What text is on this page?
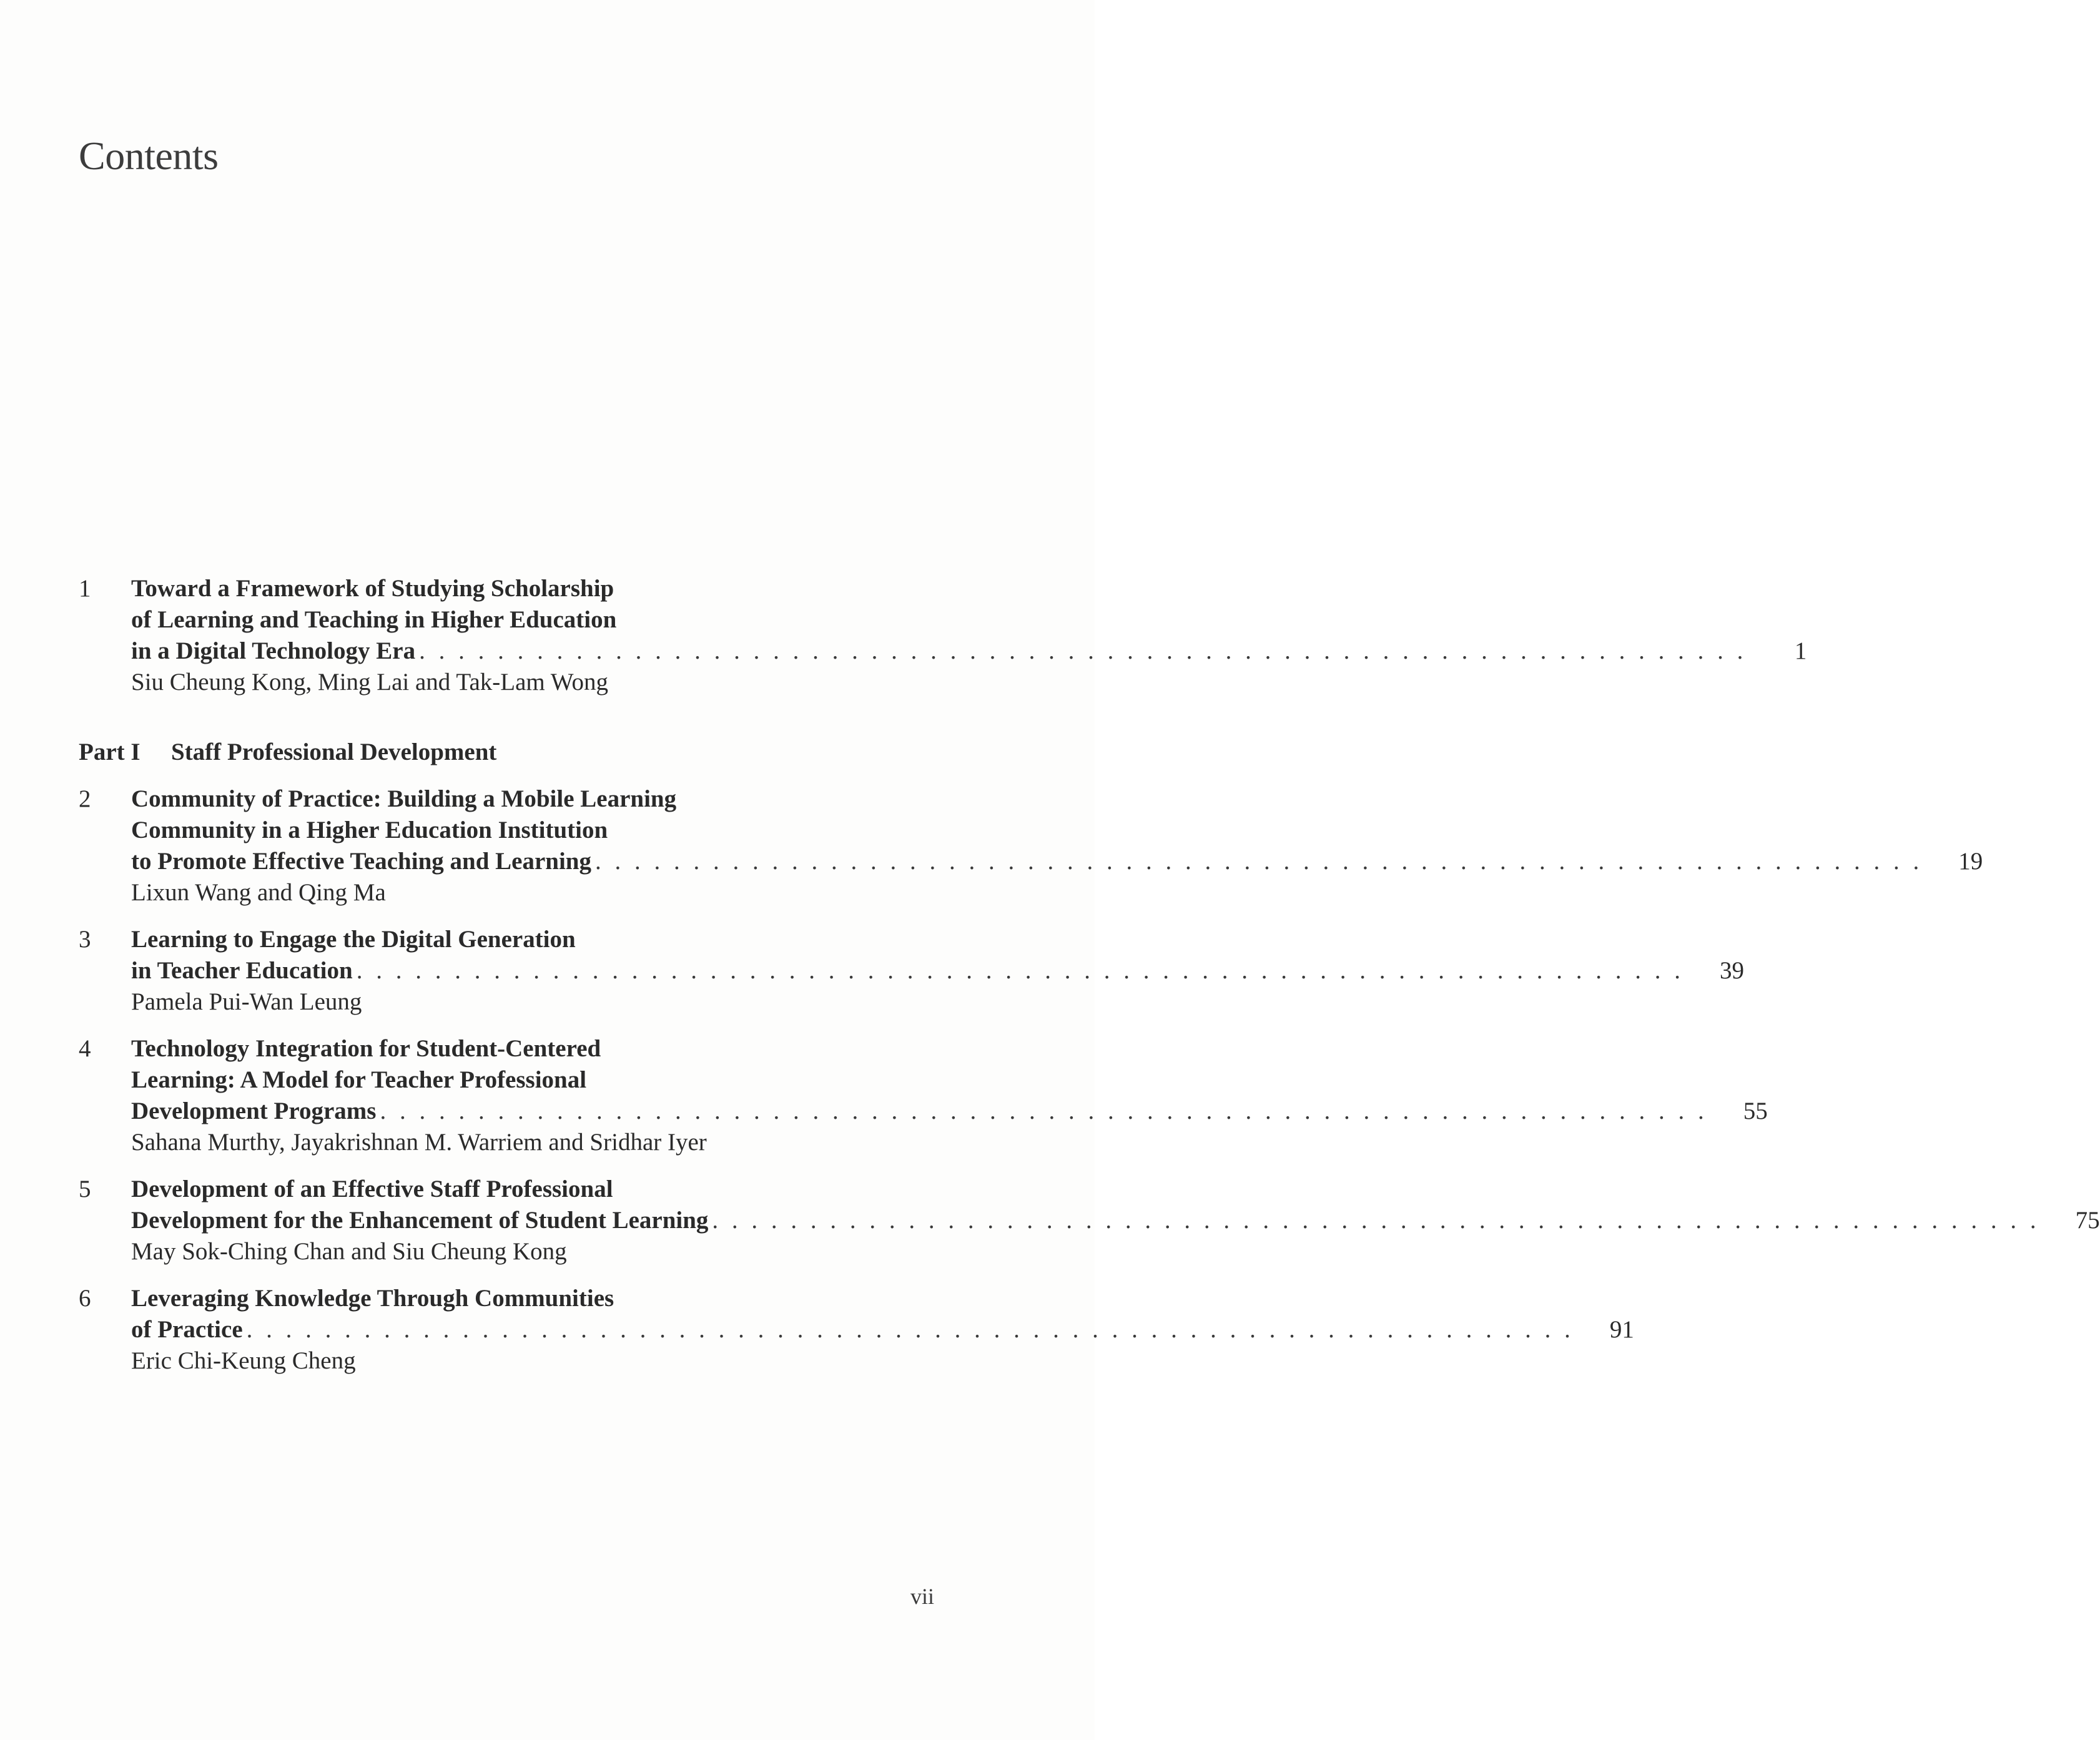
Contents
1 Toward a Framework of Studying Scholarship
of Learning and Teaching in Higher Education
in a Digital Technology Era . . . . . . . . . . . . . . . . . . . . . . . . . . . . . . . . . . . . . . . . . . . . . . . . . . . . . . . . . . . . . . . . . . . .	1
Siu Cheung Kong, Ming Lai and Tak-Lam Wong
Part I Staff Professional Development
2 Community of Practice: Building a Mobile Learning
Community in a Higher Education Institution
to Promote Effective Teaching and Learning . . . . . . . . . . . . . . . . . . . . . . . . . . . . . . . . . . . . . . . . . . . . . . . . . . . . . . . . . . . . . . . . . . . .	19
Lixun Wang and Qing Ma
3 Learning to Engage the Digital Generation
in Teacher Education . . . . . . . . . . . . . . . . . . . . . . . . . . . . . . . . . . . . . . . . . . . . . . . . . . . . . . . . . . . . . . . . . . . .	39
Pamela Pui-Wan Leung
4 Technology Integration for Student-Centered
Learning: A Model for Teacher Professional
Development Programs . . . . . . . . . . . . . . . . . . . . . . . . . . . . . . . . . . . . . . . . . . . . . . . . . . . . . . . . . . . . . . . . . . . .	55
Sahana Murthy, Jayakrishnan M. Warriem and Sridhar Iyer
5 Development of an Effective Staff Professional
Development for the Enhancement of Student Learning . . . . . . . . . . . . . . . . . . . . . . . . . . . . . . . . . . . . . . . . . . . . . . . . . . . . . . . . . . . . . . . . . . . .	75
May Sok-Ching Chan and Siu Cheung Kong
6 Leveraging Knowledge Through Communities
of Practice . . . . . . . . . . . . . . . . . . . . . . . . . . . . . . . . . . . . . . . . . . . . . . . . . . . . . . . . . . . . . . . . . . . .	91
Eric Chi-Keung Cheng
vii
